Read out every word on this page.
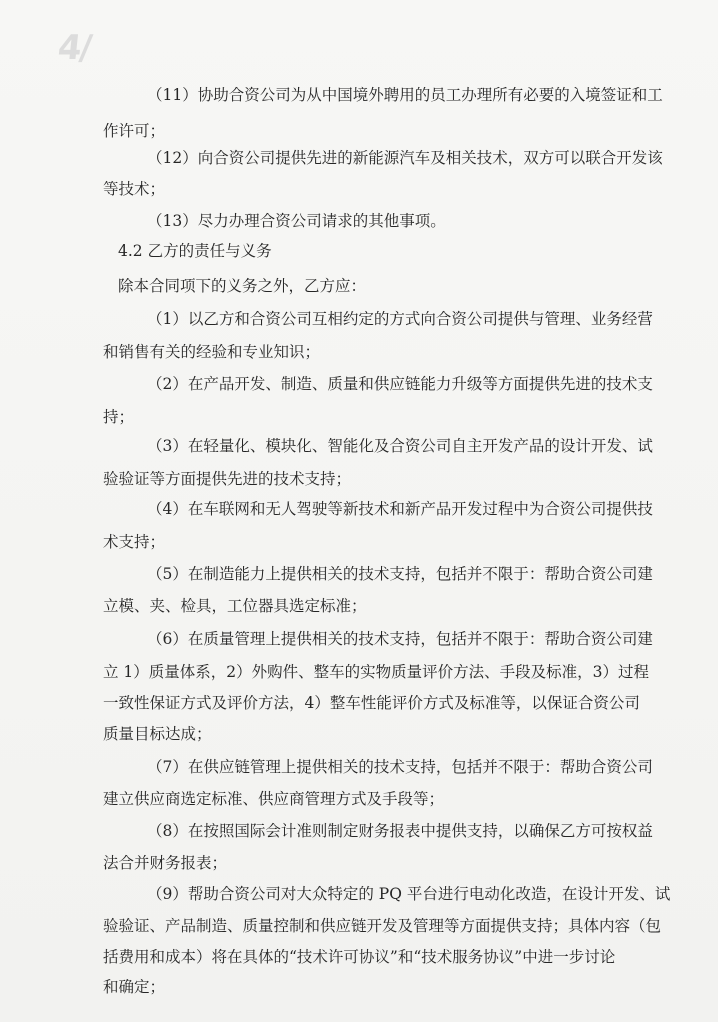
4/

（11）协助合资公司为从中国境外聘用的员工办理所有必要的入境签证和工

作许可；

（12）向合资公司提供先进的新能源汽车及相关技术，双方可以联合开发该

等技术；

（13）尽力办理合资公司请求的其他事项。

4.2 乙方的责任与义务

除本合同项下的义务之外，乙方应：

（1）以乙方和合资公司互相约定的方式向合资公司提供与管理、业务经营

和销售有关的经验和专业知识；

（2）在产品开发、制造、质量和供应链能力升级等方面提供先进的技术支

持；

（3）在轻量化、模块化、智能化及合资公司自主开发产品的设计开发、试

验验证等方面提供先进的技术支持；

（4）在车联网和无人驾驶等新技术和新产品开发过程中为合资公司提供技

术支持；

（5）在制造能力上提供相关的技术支持，包括并不限于：帮助合资公司建

立模、夹、检具，工位器具选定标准；

（6）在质量管理上提供相关的技术支持，包括并不限于：帮助合资公司建

立 1）质量体系，2）外购件、整车的实物质量评价方法、手段及标准，3）过程

一致性保证方式及评价方法，4）整车性能评价方式及标准等，以保证合资公司

质量目标达成；

（7）在供应链管理上提供相关的技术支持，包括并不限于：帮助合资公司

建立供应商选定标准、供应商管理方式及手段等；

（8）在按照国际会计准则制定财务报表中提供支持，以确保乙方可按权益

法合并财务报表；

（9）帮助合资公司对大众特定的 PQ 平台进行电动化改造，在设计开发、试

验验证、产品制造、质量控制和供应链开发及管理等方面提供支持；具体内容（包

括费用和成本）将在具体的“技术许可协议”和“技术服务协议”中进一步讨论

和确定；
